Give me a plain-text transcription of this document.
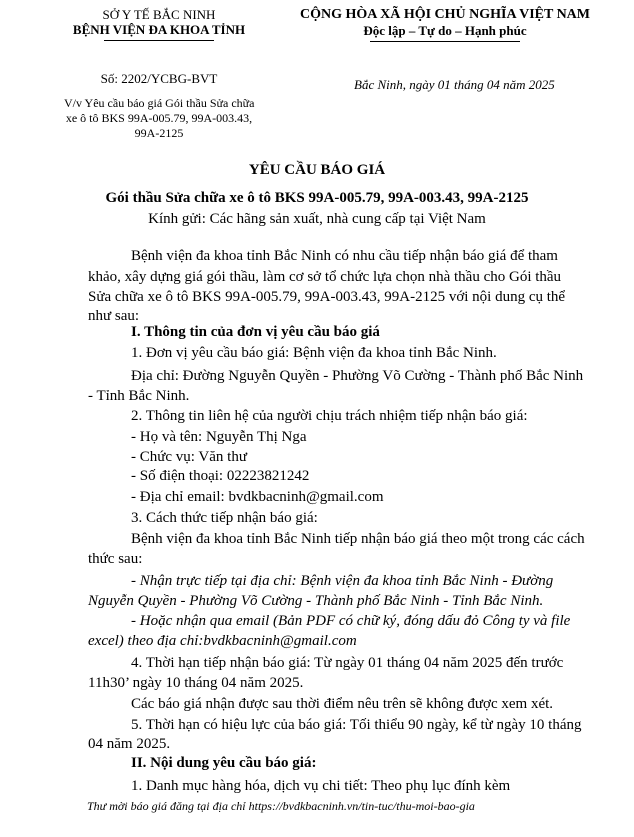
SỞ Y TẾ BẮC NINH
BỆNH VIỆN ĐA KHOA TỈNH
CỘNG HÒA XÃ HỘI CHỦ NGHĨA VIỆT NAM
Độc lập – Tự do – Hạnh phúc
Số: 2202/YCBG-BVT	Bắc Ninh, ngày 01 tháng 04 năm 2025
V/v Yêu cầu báo giá Gói thầu Sửa chữa
xe ô tô BKS 99A-005.79, 99A-003.43,
99A-2125
YÊU CẦU BÁO GIÁ
Gói thầu Sửa chữa xe ô tô BKS 99A-005.79, 99A-003.43, 99A-2125
Kính gửi: Các hãng sản xuất, nhà cung cấp tại Việt Nam
Bệnh viện đa khoa tỉnh Bắc Ninh có nhu cầu tiếp nhận báo giá để tham
khảo, xây dựng giá gói thầu, làm cơ sở tổ chức lựa chọn nhà thầu cho Gói thầu
Sửa chữa xe ô tô BKS 99A-005.79, 99A-003.43, 99A-2125 với nội dung cụ thể
như sau:
I. Thông tin của đơn vị yêu cầu báo giá
1. Đơn vị yêu cầu báo giá: Bệnh viện đa khoa tỉnh Bắc Ninh.
Địa chỉ: Đường Nguyễn Quyền - Phường Võ Cường - Thành phố Bắc Ninh
- Tỉnh Bắc Ninh.
2. Thông tin liên hệ của người chịu trách nhiệm tiếp nhận báo giá:
- Họ và tên: Nguyễn Thị Nga
- Chức vụ: Văn thư
- Số điện thoại: 02223821242
- Địa chỉ email: bvdkbacninh@gmail.com
3. Cách thức tiếp nhận báo giá:
Bệnh viện đa khoa tỉnh Bắc Ninh tiếp nhận báo giá theo một trong các cách
thức sau:
- Nhận trực tiếp tại địa chỉ: Bệnh viện đa khoa tỉnh Bắc Ninh - Đường
Nguyễn Quyền - Phường Võ Cường - Thành phố Bắc Ninh - Tỉnh Bắc Ninh.
- Hoặc nhận qua email (Bản PDF có chữ ký, đóng dấu đỏ Công ty và file
excel) theo địa chỉ:bvdkbacninh@gmail.com
4. Thời hạn tiếp nhận báo giá: Từ ngày 01 tháng 04 năm 2025 đến trước
11h30’ ngày 10 tháng 04 năm 2025.
Các báo giá nhận được sau thời điểm nêu trên sẽ không được xem xét.
5. Thời hạn có hiệu lực của báo giá: Tối thiểu 90 ngày, kể từ ngày 10 tháng
04 năm 2025.
II. Nội dung yêu cầu báo giá:
1. Danh mục hàng hóa, dịch vụ chi tiết: Theo phụ lục đính kèm
Thư mời báo giá đăng tại địa chỉ https://bvdkbacninh.vn/tin-tuc/thu-moi-bao-gia
